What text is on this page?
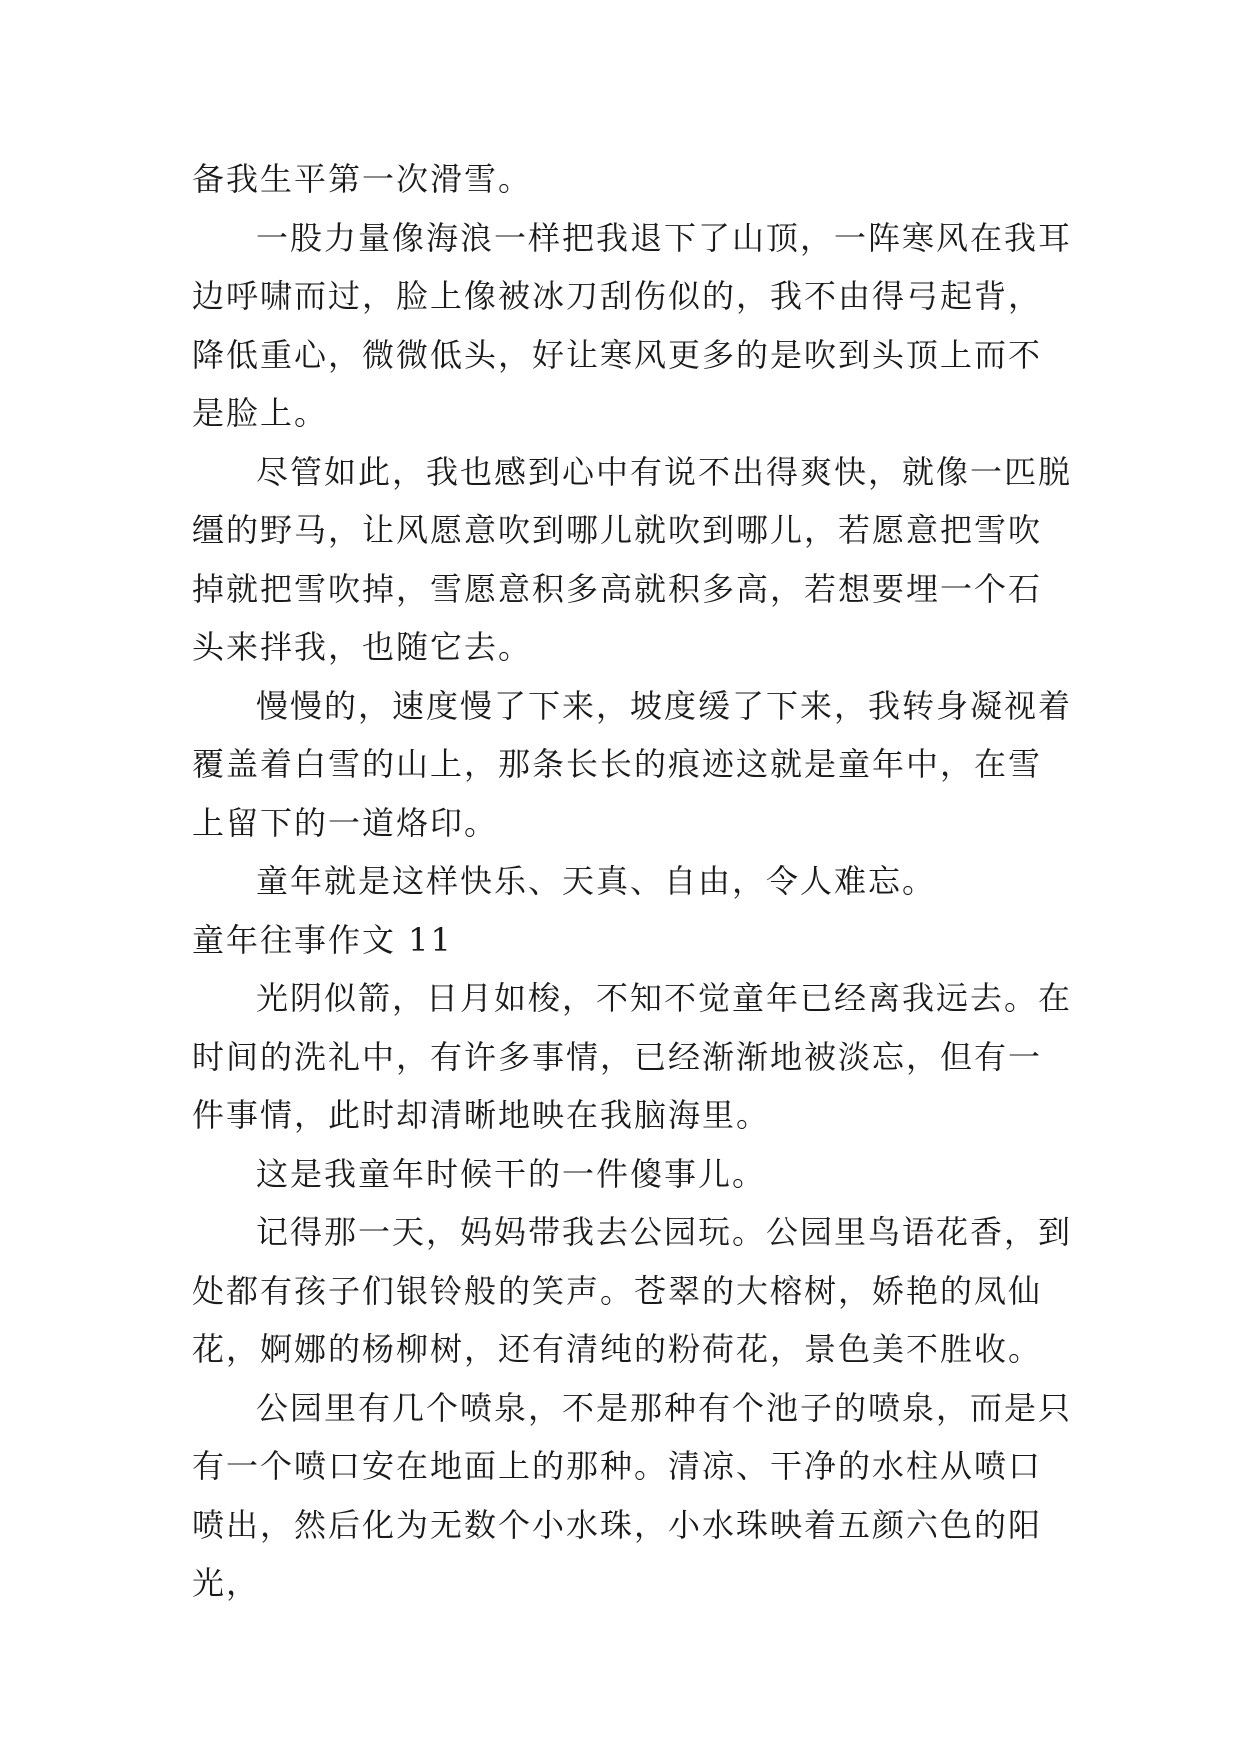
备我生平第一次滑雪。

一股力量像海浪一样把我退下了山顶，一阵寒风在我耳边呼啸而过，脸上像被冰刀刮伤似的，我不由得弓起背，降低重心，微微低头，好让寒风更多的是吹到头顶上而不是脸上。

尽管如此，我也感到心中有说不出得爽快，就像一匹脱缰的野马，让风愿意吹到哪儿就吹到哪儿，若愿意把雪吹掉就把雪吹掉，雪愿意积多高就积多高，若想要埋一个石头来拌我，也随它去。

慢慢的，速度慢了下来，坡度缓了下来，我转身凝视着覆盖着白雪的山上，那条长长的痕迹这就是童年中，在雪上留下的一道烙印。

童年就是这样快乐、天真、自由，令人难忘。

童年往事作文 11

光阴似箭，日月如梭，不知不觉童年已经离我远去。在时间的洗礼中，有许多事情，已经渐渐地被淡忘，但有一件事情，此时却清晰地映在我脑海里。

这是我童年时候干的一件傻事儿。

记得那一天，妈妈带我去公园玩。公园里鸟语花香，到处都有孩子们银铃般的笑声。苍翠的大榕树，娇艳的凤仙花，婀娜的杨柳树，还有清纯的粉荷花，景色美不胜收。

公园里有几个喷泉，不是那种有个池子的喷泉，而是只有一个喷口安在地面上的那种。清凉、干净的水柱从喷口喷出，然后化为无数个小水珠，小水珠映着五颜六色的阳光，
